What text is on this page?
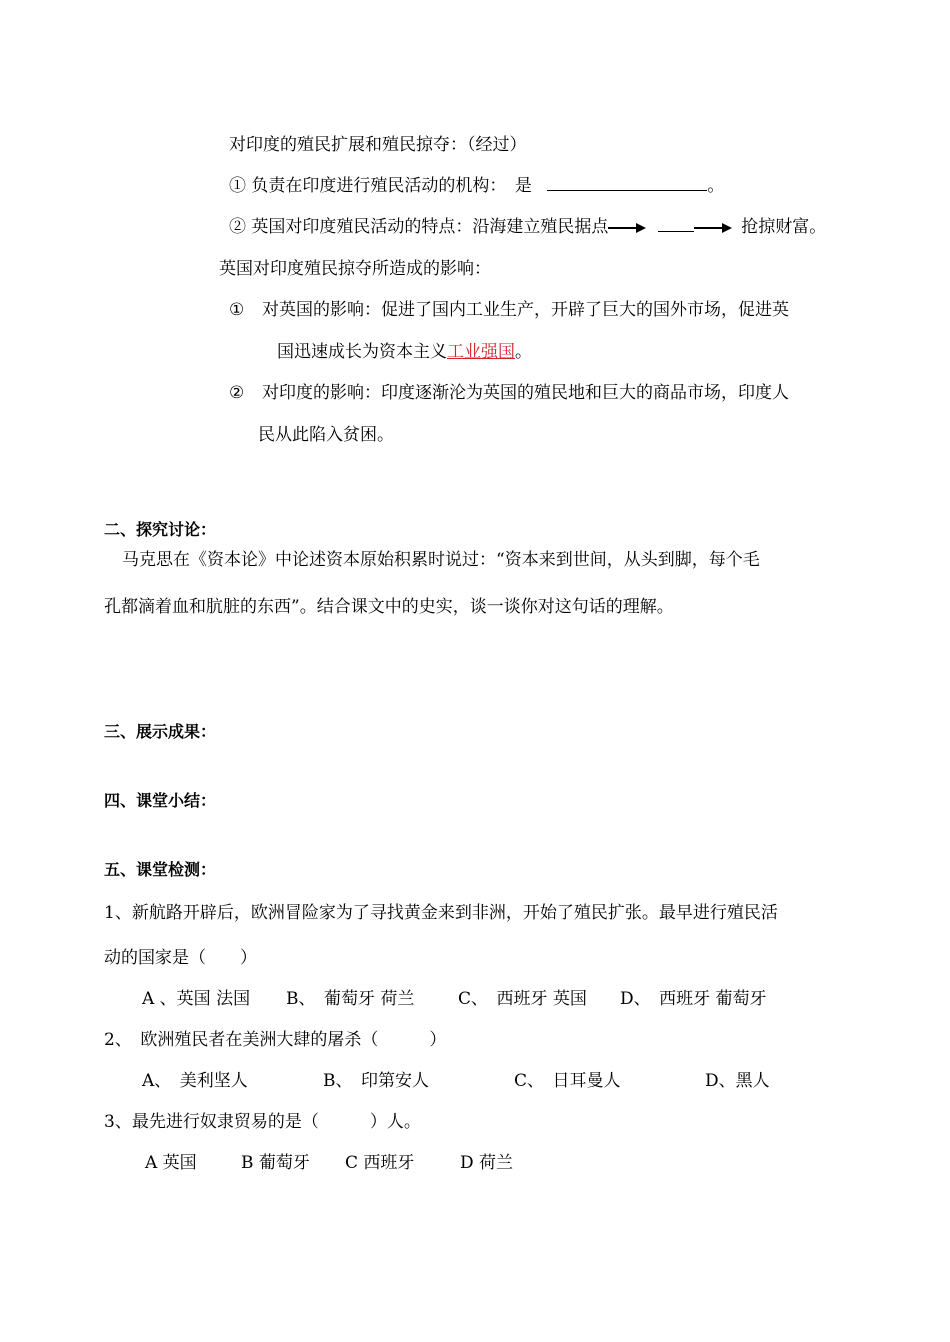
对印度的殖民扩展和殖民掠夺：（经过）
① 负责在印度进行殖民活动的机构：　是	。
② 英国对印度殖民活动的特点：沿海建立殖民据点	抢掠财富。
英国对印度殖民掠夺所造成的影响：
① 对英国的影响：促进了国内工业生产，开辟了巨大的国外市场，促进英
国迅速成长为资本主义工业强国。
② 对印度的影响：印度逐渐沦为英国的殖民地和巨大的商品市场，印度人
民从此陷入贫困。
二、探究讨论：
马克思在《资本论》中论述资本原始积累时说过：“资本来到世间，从头到脚，每个毛
孔都滴着血和肮脏的东西”。结合课文中的史实，谈一谈你对这句话的理解。
三、展示成果：
四、课堂小结：
五、课堂检测：
1、新航路开辟后，欧洲冒险家为了寻找黄金来到非洲，开始了殖民扩张。最早进行殖民活
动的国家是（　　）
A 、英国 法国 B、　葡萄牙 荷兰	C、　西班牙 英国 D、　西班牙 葡萄牙
2、　欧洲殖民者在美洲大肆的屠杀（　　　）
A、　美利坚人	B、　印第安人	C、　日耳曼人	D、黑人
3、最先进行奴隶贸易的是（　　　）人。
A 英国	B 葡萄牙 C 西班牙	D 荷兰
